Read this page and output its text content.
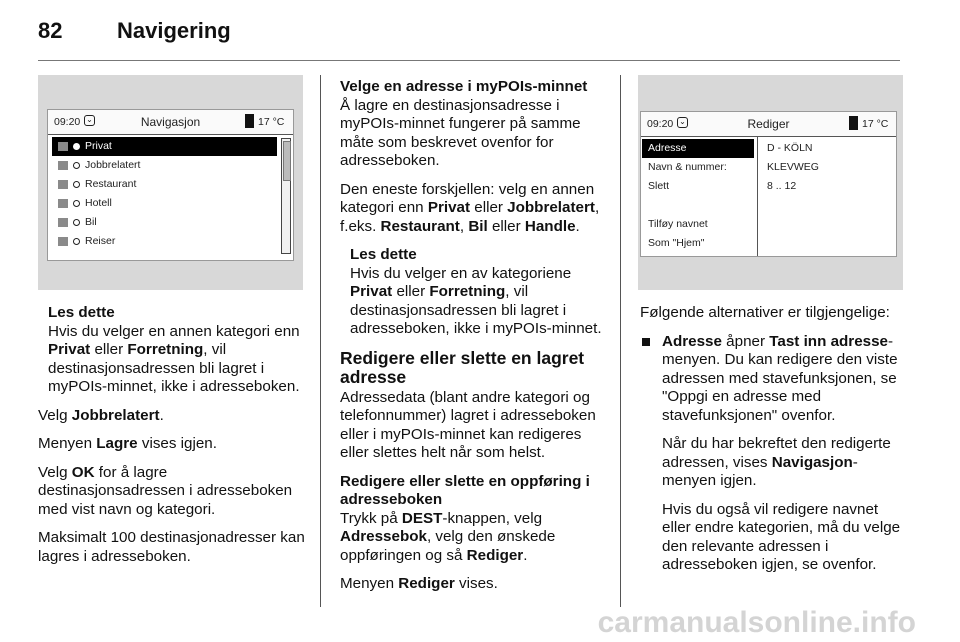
82 Navigering
09:20 ⌄	Navigasjon	17 °C
Privat
Jobbrelatert
Restaurant
Hotell
Bil
Reiser
09:20 ⌄	Rediger	17 °C
Adresse
Navn & nummer:
Slett
Tilføy navnet
Som "Hjem"
D - KÖLN
KLEVWEG
8 .. 12
Les dette
Hvis du velger en annen kategori enn Privat eller Forretning, vil destinasjonsadressen bli lagret i myPOIs-minnet, ikke i adresseboken.

Velg Jobbrelatert.

Menyen Lagre vises igjen.

Velg OK for å lagre destinasjonsadressen i adresseboken med vist navn og kategori.

Maksimalt 100 destinasjonadresser kan lagres i adresseboken.

Velge en adresse i myPOIs-minnet

Å lagre en destinasjonsadresse i myPOIs-minnet fungerer på samme måte som beskrevet ovenfor for adresseboken.

Den eneste forskjellen: velg en annen kategori enn Privat eller Jobbrelatert, f.eks. Restaurant, Bil eller Handle.

Les dette
Hvis du velger en av kategoriene Privat eller Forretning, vil destinasjonsadressen bli lagret i adresseboken, ikke i myPOIs-minnet.
Redigere eller slette en lagret adresse

Adressedata (blant andre kategori og telefonnummer) lagret i adresseboken eller i myPOIs-minnet kan redigeres eller slettes helt når som helst.

Redigere eller slette en oppføring i adresseboken

Trykk på DEST-knappen, velg Adressebok, velg den ønskede oppføringen og så Rediger.

Menyen Rediger vises.

Følgende alternativer er tilgjengelige:

Adresse åpner Tast inn adresse-menyen. Du kan redigere den viste adressen med stavefunksjonen, se "Oppgi en adresse med stavefunksjonen" ovenfor.
Når du har bekreftet den redigerte adressen, vises Navigasjon-menyen igjen.
Hvis du også vil redigere navnet eller endre kategorien, må du velge den relevante adressen i adresseboken igjen, se ovenfor.
carmanualsonline.info
